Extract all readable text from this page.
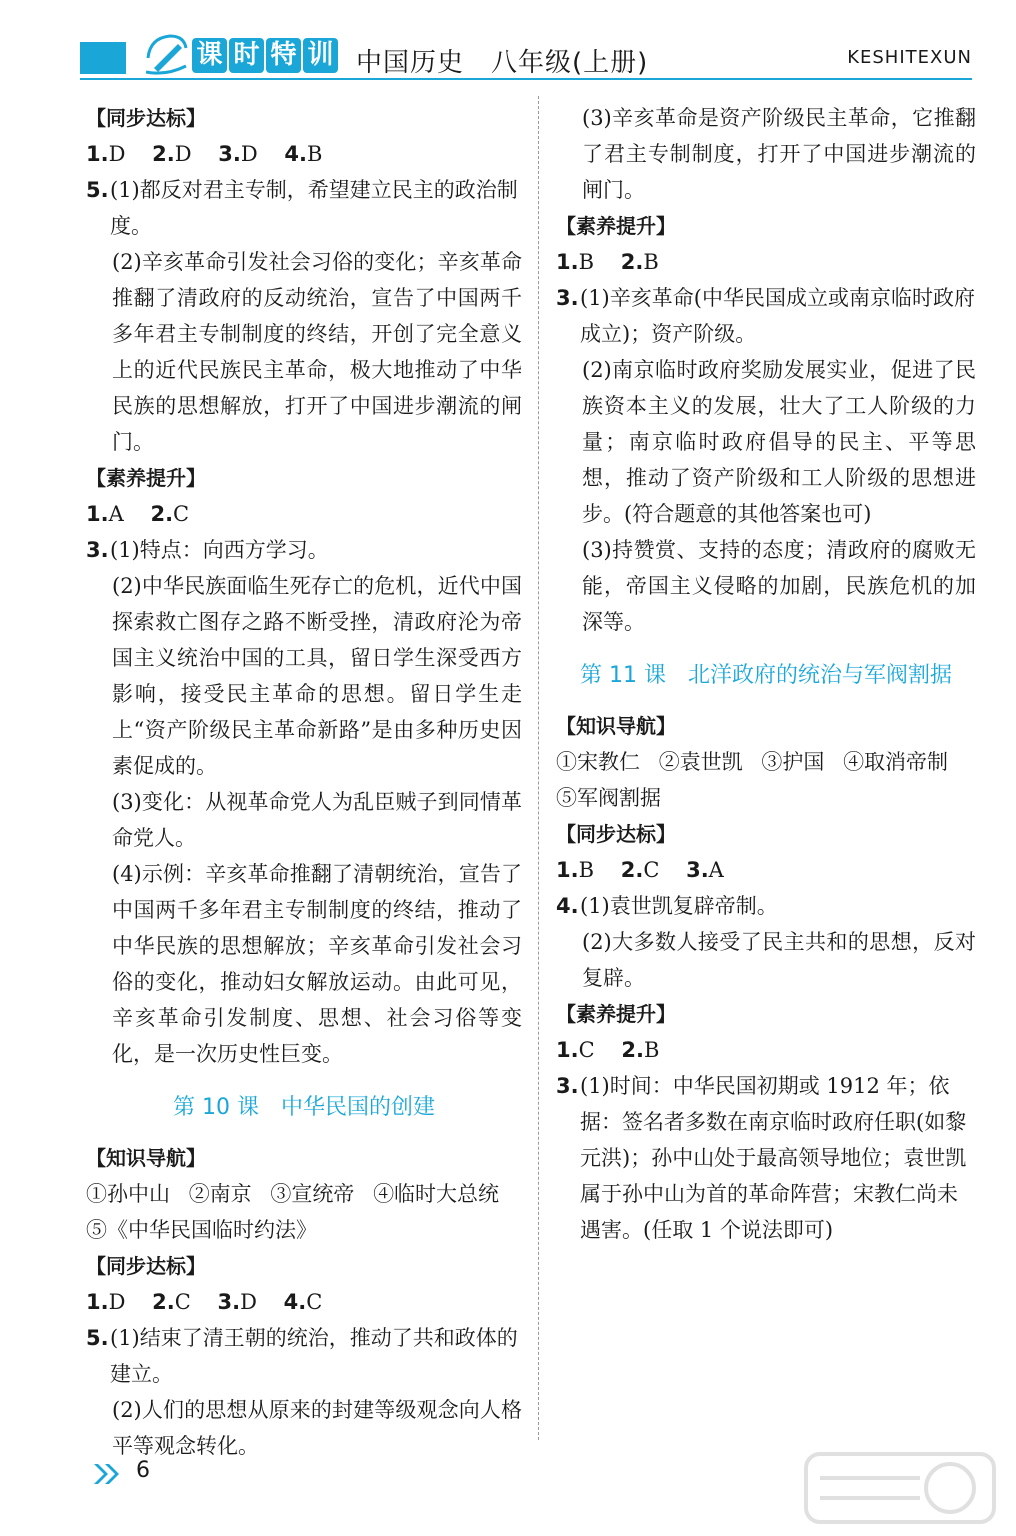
课 时 特 训 中国历史　八年级(上册)	KESHITEXUN
【同步达标】
1.D 2.D 3.D 4.B
5. (1)都反对君主专制，希望建立民主的政治制度。
(2)辛亥革命引发社会习俗的变化；辛亥革命推翻了清政府的反动统治，宣告了中国两千多年君主专制制度的终结，开创了完全意义上的近代民族民主革命，极大地推动了中华民族的思想解放，打开了中国进步潮流的闸门。
【素养提升】
1.A 2.C
3. (1)特点：向西方学习。
(2)中华民族面临生死存亡的危机，近代中国探索救亡图存之路不断受挫，清政府沦为帝国主义统治中国的工具，留日学生深受西方影响，接受民主革命的思想。留日学生走上“资产阶级民主革命新路”是由多种历史因素促成的。
(3)变化：从视革命党人为乱臣贼子到同情革命党人。
(4)示例：辛亥革命推翻了清朝统治，宣告了中国两千多年君主专制制度的终结，推动了中华民族的思想解放；辛亥革命引发社会习俗的变化，推动妇女解放运动。由此可见，辛亥革命引发制度、思想、社会习俗等变化，是一次历史性巨变。
第 10 课　中华民国的创建
【知识导航】
①孙中山 ②南京 ③宣统帝 ④临时大总统 ⑤《中华民国临时约法》
【同步达标】
1.D 2.C 3.D 4.C
5. (1)结束了清王朝的统治，推动了共和政体的建立。
(2)人们的思想从原来的封建等级观念向人格平等观念转化。
(3)辛亥革命是资产阶级民主革命，它推翻了君主专制制度，打开了中国进步潮流的闸门。
【素养提升】
1.B 2.B
3. (1)辛亥革命(中华民国成立或南京临时政府成立)；资产阶级。
(2)南京临时政府奖励发展实业，促进了民族资本主义的发展，壮大了工人阶级的力量；南京临时政府倡导的民主、平等思想，推动了资产阶级和工人阶级的思想进步。(符合题意的其他答案也可)
(3)持赞赏、支持的态度；清政府的腐败无能，帝国主义侵略的加剧，民族危机的加深等。
第 11 课　北洋政府的统治与军阀割据
【知识导航】
①宋教仁 ②袁世凯 ③护国 ④取消帝制 ⑤军阀割据
【同步达标】
1.B 2.C 3.A
4. (1)袁世凯复辟帝制。
(2)大多数人接受了民主共和的思想，反对复辟。
【素养提升】
1.C 2.B
3. (1)时间：中华民国初期或 1912 年；依据：签名者多数在南京临时政府任职(如黎元洪)；孙中山处于最高领导地位；袁世凯属于孙中山为首的革命阵营；宋教仁尚未遇害。(任取 1 个说法即可)
6
